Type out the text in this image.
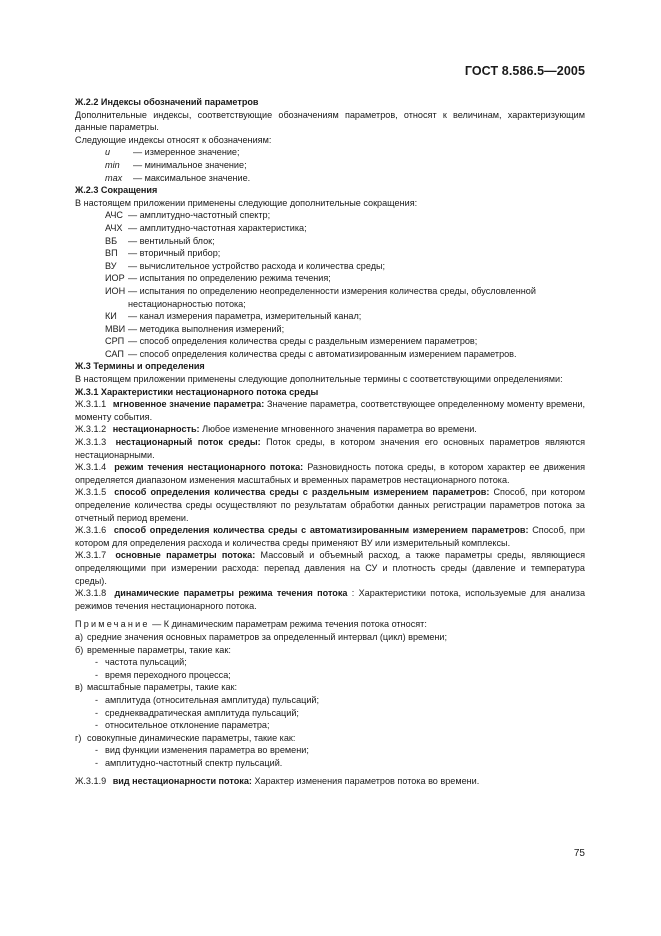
ГОСТ 8.586.5—2005

Ж.2.2 Индексы обозначений параметров

Дополнительные индексы, соответствующие обозначениям параметров, относят к величинам, характеризующим данные параметры.

Следующие индексы относят к обозначениям:

и	— измеренное значение;
min	— минимальное значение;
max	— максимальное значение.

Ж.2.3 Сокращения

В настоящем приложении применены следующие дополнительные сокращения:

АЧС — амплитудно-частотный спектр;
АЧХ — амплитудно-частотная характеристика;
ВБ	— вентильный блок;
ВП	— вторичный прибор;
ВУ	— вычислительное устройство расхода и количества среды;
ИОР — испытания по определению режима течения;
ИОН — испытания по определению неопределенности измерения количества среды, обусловленной нестационарностью потока;
КИ	— канал измерения параметра, измерительный канал;
МВИ — методика выполнения измерений;
СРП — способ определения количества среды с раздельным измерением параметров;
САП — способ определения количества среды с автоматизированным измерением параметров.

Ж.3 Термины и определения

В настоящем приложении применены следующие дополнительные термины с соответствующими определениями:

Ж.3.1 Характеристики нестационарного потока среды

Ж.3.1.1 мгновенное значение параметра: Значение параметра, соответствующее определенному моменту времени, моменту события.

Ж.3.1.2 нестационарность: Любое изменение мгновенного значения параметра во времени.

Ж.3.1.3 нестационарный поток среды: Поток среды, в котором значения его основных параметров являются нестационарными.

Ж.3.1.4 режим течения нестационарного потока: Разновидность потока среды, в котором характер ее движения определяется диапазоном изменения масштабных и временных параметров нестационарного потока.

Ж.3.1.5 способ определения количества среды с раздельным измерением параметров: Способ, при котором определение количества среды осуществляют по результатам обработки данных регистрации параметров потока за отчетный период времени.

Ж.3.1.6 способ определения количества среды с автоматизированным измерением параметров: Способ, при котором для определения расхода и количества среды применяют ВУ или измерительный комплексы.

Ж.3.1.7 основные параметры потока: Массовый и объемный расход, а также параметры среды, являющиеся определяющими при измерении расхода: перепад давления на СУ и плотность среды (давление и температура среды).

Ж.3.1.8 динамические параметры режима течения потока : Характеристики потока, используемые для анализа режимов течения нестационарного потока.

Примечание — К динамическим параметрам режима течения потока относят:

а) средние значения основных параметров за определенный интервал (цикл) времени;
б) временные параметры, такие как:
- частота пульсаций;
- время переходного процесса;
в) масштабные параметры, такие как:
- амплитуда (относительная амплитуда) пульсаций;
- среднеквадратическая амплитуда пульсаций;
- относительное отклонение параметра;
г) совокупные динамические параметры, такие как:
- вид функции изменения параметра во времени;
- амплитудно-частотный спектр пульсаций.

Ж.3.1.9 вид нестационарности потока: Характер изменения параметров потока во времени.

75
